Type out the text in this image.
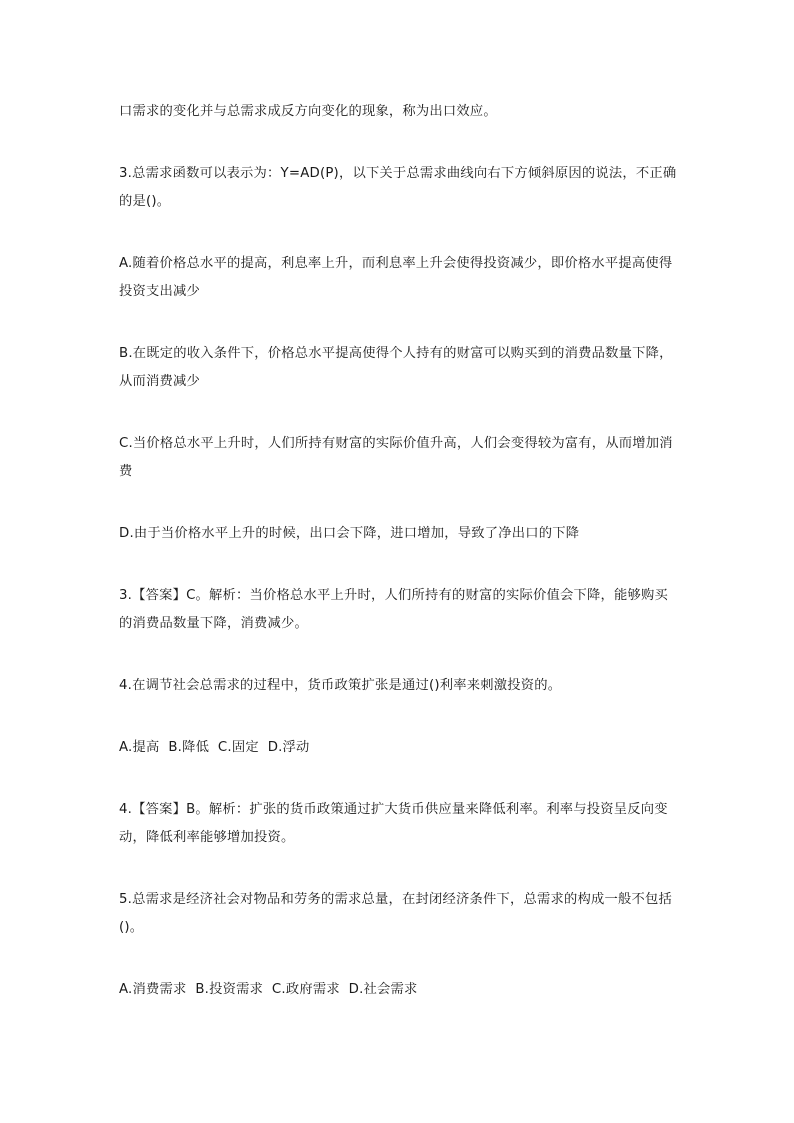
口需求的变化并与总需求成反方向变化的现象，称为出口效应。

3.总需求函数可以表示为：Y=AD(P)，以下关于总需求曲线向右下方倾斜原因的说法，不正确的是()。

A.随着价格总水平的提高，利息率上升，而利息率上升会使得投资减少，即价格水平提高使得投资支出减少

B.在既定的收入条件下，价格总水平提高使得个人持有的财富可以购买到的消费品数量下降，从而消费减少

C.当价格总水平上升时，人们所持有财富的实际价值升高，人们会变得较为富有，从而增加消费

D.由于当价格水平上升的时候，出口会下降，进口增加，导致了净出口的下降

3.【答案】C。解析：当价格总水平上升时，人们所持有的财富的实际价值会下降，能够购买的消费品数量下降，消费减少。

4.在调节社会总需求的过程中，货币政策扩张是通过()利率来刺激投资的。

A.提高  B.降低  C.固定  D.浮动

4.【答案】B。解析：扩张的货币政策通过扩大货币供应量来降低利率。利率与投资呈反向变动，降低利率能够增加投资。

5.总需求是经济社会对物品和劳务的需求总量，在封闭经济条件下，总需求的构成一般不包括()。

A.消费需求  B.投资需求  C.政府需求  D.社会需求
